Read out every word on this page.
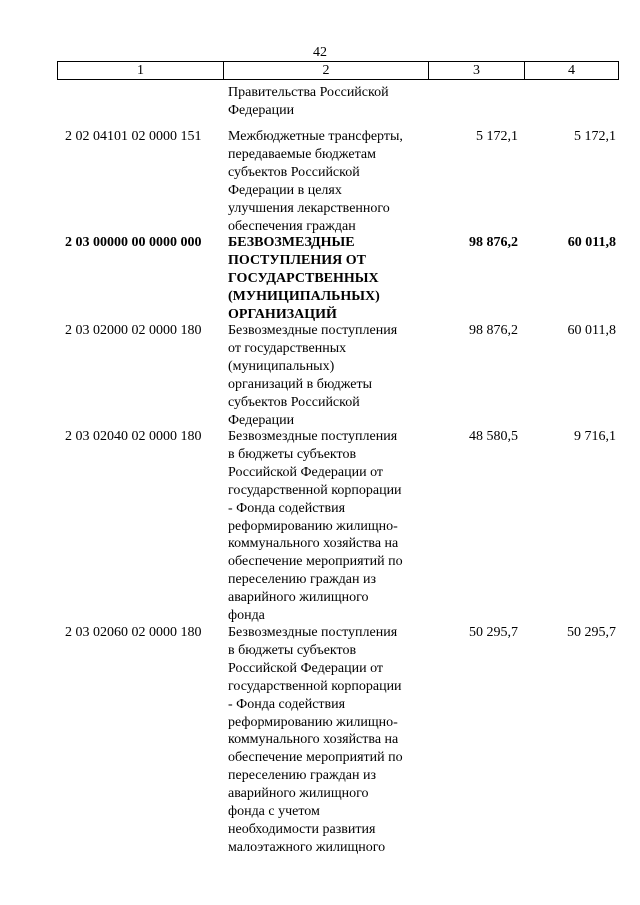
42
1	2	3	4
Правительства Российской
Федерации
2 02 04101 02 0000 151	Межбюджетные трансферты,
передаваемые бюджетам
субъектов Российской
Федерации в целях
улучшения лекарственного
обеспечения граждан
5 172,1	5 172,1
2 03 00000 00 0000 000	БЕЗВОЗМЕЗДНЫЕ
ПОСТУПЛЕНИЯ ОТ
ГОСУДАРСТВЕННЫХ
(МУНИЦИПАЛЬНЫХ)
ОРГАНИЗАЦИЙ
98 876,2	60 011,8
2 03 02000 02 0000 180	Безвозмездные поступления
от государственных
(муниципальных)
организаций в бюджеты
субъектов Российской
Федерации
98 876,2	60 011,8
2 03 02040 02 0000 180	Безвозмездные поступления
в бюджеты субъектов
Российской Федерации от
государственной корпорации
- Фонда содействия
реформированию жилищно-
коммунального хозяйства на
обеспечение мероприятий по
переселению граждан из
аварийного жилищного
фонда
48 580,5	9 716,1
2 03 02060 02 0000 180	Безвозмездные поступления
в бюджеты субъектов
Российской Федерации от
государственной корпорации
- Фонда содействия
реформированию жилищно-
коммунального хозяйства на
обеспечение мероприятий по
переселению граждан из
аварийного жилищного
фонда с учетом
необходимости развития
малоэтажного жилищного
50 295,7	50 295,7
